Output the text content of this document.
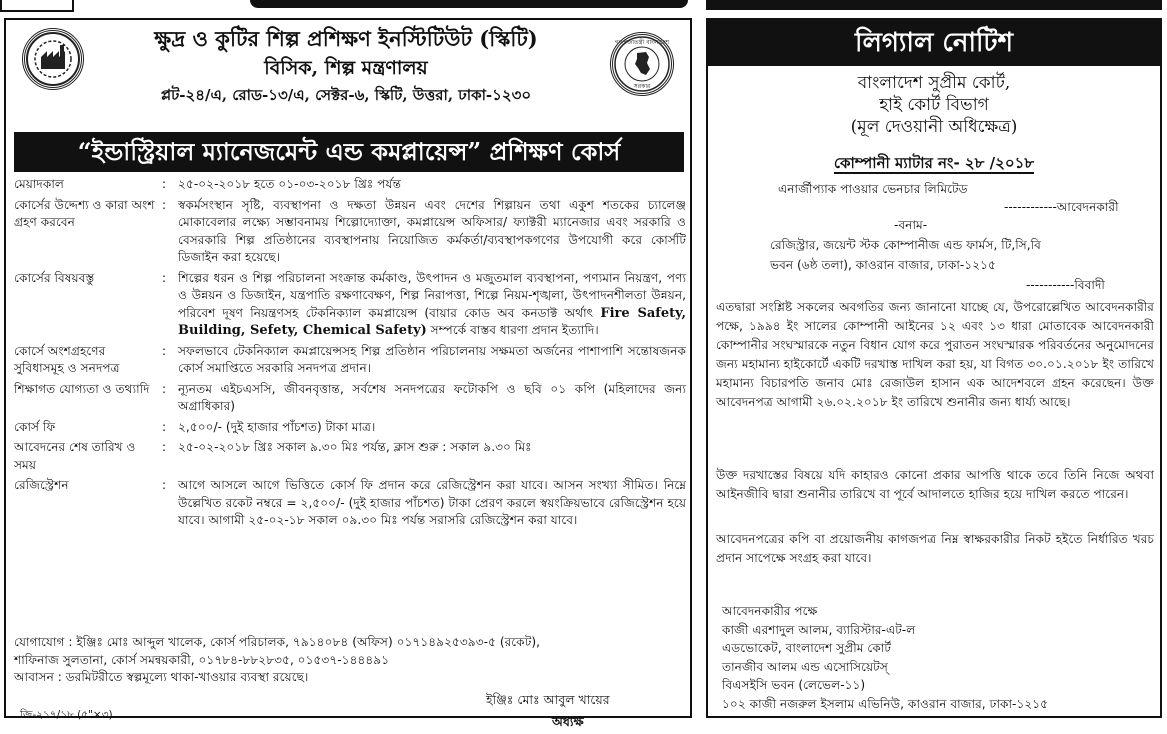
ক্ষুদ্র ও কুটির শিল্প প্রশিক্ষণ ইনস্টিটিউট (স্কিটি)
বিসিক, শিল্প মন্ত্রণালয়
প্লট-২৪/এ, রোড-১৩/এ, সেক্টর-৬, স্কিটি, উত্তরা, ঢাকা-১২৩০
গণপ্রজাতন্ত্রী বাংলাদেশ
সরকার
“ইন্ডাস্ট্রিয়াল ম্যানেজমেন্ট এন্ড কমপ্লায়েন্স” প্রশিক্ষণ কোর্স
মেয়াদকাল	: ২৫-০২-২০১৮ হতে ০১-০৩-২০১৮ খ্রিঃ পর্যন্ত
কোর্সের উদ্দেশ্য ও কারা অংশ গ্রহণ করবেন
: স্বকর্মসংস্থান সৃষ্টি, ব্যবস্থাপনা ও দক্ষতা উন্নয়ন এবং দেশের শিল্পায়ন তথা একুশ শতকের চ্যালেঞ্জ মোকাবেলার লক্ষ্যে সম্ভাবনাময় শিল্পোদ্যোক্তা, কমপ্লায়েন্স অফিসার/ ফ্যাক্টরী ম্যানেজার এবং সরকারি ও বেসরকারি শিল্প প্রতিষ্ঠানের ব্যবস্থাপনায় নিয়োজিত কর্মকর্তা/ব্যবস্থাপকগণের উপযোগী করে কোর্সটি ডিজাইন করা হয়েছে।
কোর্সের বিষয়বস্তু	: শিল্পের ধরন ও শিল্প পরিচালনা সংক্রান্ত কর্মকাণ্ড, উৎপাদন ও মজুতমাল ব্যবস্থাপনা, পণ্যমান নিয়ন্ত্রণ, পণ্য ও উন্নয়ন ও ডিজাইন, যন্ত্রপাতি রক্ষণাবেক্ষণ, শিল্প নিরাপত্তা, শিল্পে নিয়ম-শৃঙ্খলা, উৎপাদনশীলতা উন্নয়ন, পরিবেশ দূষণ নিয়ন্ত্রণসহ টেকনিক্যাল কমপ্লায়েন্স (বায়ার কোড অব কনডাক্ট অর্থাৎ Fire Safety, Building, Sefety, Chemical Safety) সম্পর্কে বাস্তব ধারণা প্রদান ইত্যাদি।
কোর্সে অংশগ্রহণের সুবিধাসমূহ ও সনদপত্র
: সফলভাবে টেকনিক্যাল কমপ্লায়েন্সসহ শিল্প প্রতিষ্ঠান পরিচালনায় সক্ষমতা অর্জনের পাশাপাশি সন্তোষজনক কোর্স সমাপ্তিতে সরকারি সনদপত্র প্রদান।
শিক্ষাগত যোগ্যতা ও তথ্যাদি	: ন্যূনতম এইচএসসি, জীবনবৃত্তান্ত, সর্বশেষ সনদপত্রের ফটোকপি ও ছবি ০১ কপি (মহিলাদের জন্য অগ্রাধিকার)
কোর্স ফি	: ২,৫০০/- (দুই হাজার পাঁচশত) টাকা মাত্র।
আবেদনের শেষ তারিখ ও সময়
: ২৫-০২-২০১৮ খ্রিঃ সকাল ৯.৩০ মিঃ পর্যন্ত, ক্লাস শুরু : সকাল ৯.৩০ মিঃ
রেজিস্ট্রেশন	: আগে আসলে আগে ভিত্তিতে কোর্স ফি প্রদান করে রেজিস্ট্রেশন করা যাবে। আসন সংখ্যা সীমিত। নিম্নে উল্লেখিত রকেট নম্বরে = ২,৫০০/- (দুই হাজার পাঁচশত) টাকা প্রেরণ করলে স্বয়ংক্রিয়ভাবে রেজিস্ট্রেশন হয়ে যাবে। আগামী ২৫-০২-১৮ সকাল ০৯.৩০ মিঃ পর্যন্ত সরাসরি রেজিস্ট্রেশন করা যাবে।
যোগাযোগ : ইঞ্জিঃ মোঃ আব্দুল খালেক, কোর্স পরিচালক, ৭৯১৪০৮৪ (অফিস) ০১৭১৪৯২৫৩৯৩-৫ (রকেট),
শাফিনাজ সুলতানা, কোর্স সমন্বয়কারী, ০১৭৮৪-৮৮২৮৩৫, ০১৫৩৭-১৪৪৪৯১
আবাসন : ডরমিটরীতে স্বল্পমূল্যে থাকা-খাওয়ার ব্যবস্থা রয়েছে।
জি-২১৭/১৮ (৫"×৩)
ইঞ্জিঃ মোঃ আবুল খায়ের
অধ্যক্ষ
লিগ্যাল নোটিশ
বাংলাদেশ সুপ্রীম কোর্ট,
হাই কোর্ট বিভাগ
(মূল দেওয়ানী অধিক্ষেত্র)
কোম্পানী ম্যাটার নং- ২৮ /২০১৮
এনার্জীপ্যাক পাওয়ার ভেনচার লিমিটেড
------------আবেদনকারী
-বনাম-
রেজিস্ট্রার, জয়েন্ট স্টক কোম্পানীজ এন্ড ফার্মস, টি,সি,বি
ভবন (৬ষ্ঠ তলা), কাওরান বাজার, ঢাকা-১২১৫
-----------বিবাদী
এতদ্বারা সংশ্লিষ্ট সকলের অবগতির জন্য জানানো যাচ্ছে যে, উপরোল্লেখিত আবেদনকারীর পক্ষে, ১৯৯৪ ইং সালের কোম্পানী আইনের ১২ এবং ১৩ ধারা মোতাবেক আবেদনকারী কোম্পানীর সংঘস্মারকে নতুন বিধান যোগ করে পুরাতন সংঘস্মারক পরিবর্তনের অনুমোদনের জন্য মহামান্য হাইকোর্টে একটি দরখাস্ত দাখিল করা হয়, যা বিগত ৩০.০১.২০১৮ ইং তারিখে মহামান্য বিচারপতি জনাব মোঃ রেজাউল হাসান এক আদেশবলে গ্রহন করেছেন। উক্ত আবেদনপত্র আগামী ২৬.০২.২০১৮ ইং তারিখে শুনানীর জন্য ধার্য্য আছে।
উক্ত দরখাস্তের বিষয়ে যদি কাহারও কোনো প্রকার আপত্তি থাকে তবে তিনি নিজে অথবা আইনজীবি দ্বারা শুনানীর তারিখে বা পূর্বে আদালতে হাজির হয়ে দাখিল করতে পারেন।
আবেদনপত্রের কপি বা প্রয়োজনীয় কাগজপত্র নিম্ন স্বাক্ষরকারীর নিকট হইতে নির্ধারিত খরচ প্রদান সাপেক্ষে সংগ্রহ করা যাবে।
আবেদনকারীর পক্ষে
কাজী এরশাদুল আলম, ব্যারিস্টার-এট-ল
এডভোকেট, বাংলাদেশ সুপ্রীম কোর্ট
তানজীব আলম এন্ড এসোসিয়েটস্
বিএসইসি ভবন (লেভেল-১১)
১০২ কাজী নজরুল ইসলাম এভিনিউ, কাওরান বাজার, ঢাকা-১২১৫
